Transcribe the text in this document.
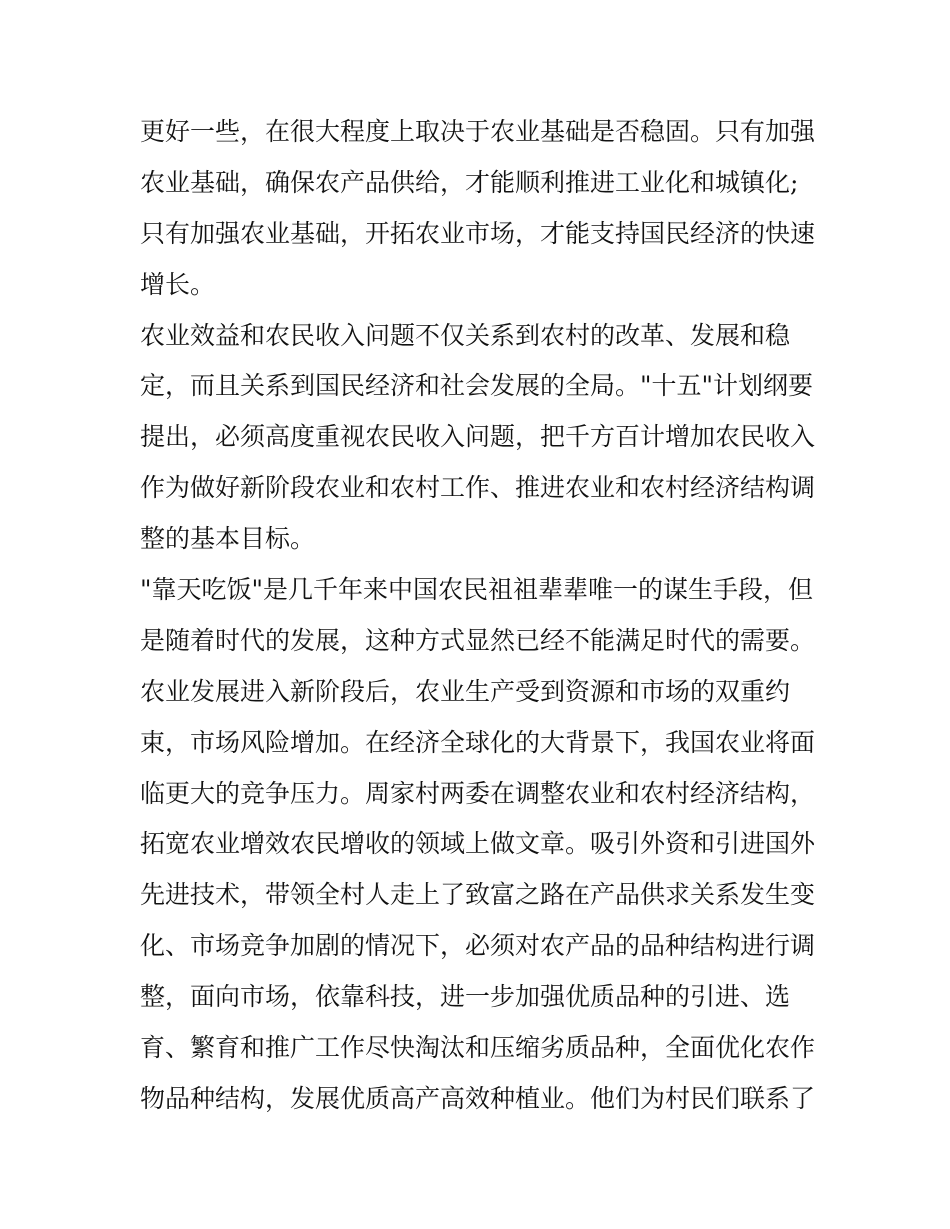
更好一些，在很大程度上取决于农业基础是否稳固。只有加强
农业基础，确保农产品供给，才能顺利推进工业化和城镇化;
只有加强农业基础，开拓农业市场，才能支持国民经济的快速
增长。
农业效益和农民收入问题不仅关系到农村的改革、发展和稳
定，而且关系到国民经济和社会发展的全局。"十五"计划纲要
提出，必须高度重视农民收入问题，把千方百计增加农民收入
作为做好新阶段农业和农村工作、推进农业和农村经济结构调
整的基本目标。
"靠天吃饭"是几千年来中国农民祖祖辈辈唯一的谋生手段，但
是随着时代的发展，这种方式显然已经不能满足时代的需要。
农业发展进入新阶段后，农业生产受到资源和市场的双重约
束，市场风险增加。在经济全球化的大背景下，我国农业将面
临更大的竞争压力。周家村两委在调整农业和农村经济结构，
拓宽农业增效农民增收的领域上做文章。吸引外资和引进国外
先进技术，带领全村人走上了致富之路在产品供求关系发生变
化、市场竞争加剧的情况下，必须对农产品的品种结构进行调
整，面向市场，依靠科技，进一步加强优质品种的引进、选
育、繁育和推广工作尽快淘汰和压缩劣质品种，全面优化农作
物品种结构，发展优质高产高效种植业。他们为村民们联系了
